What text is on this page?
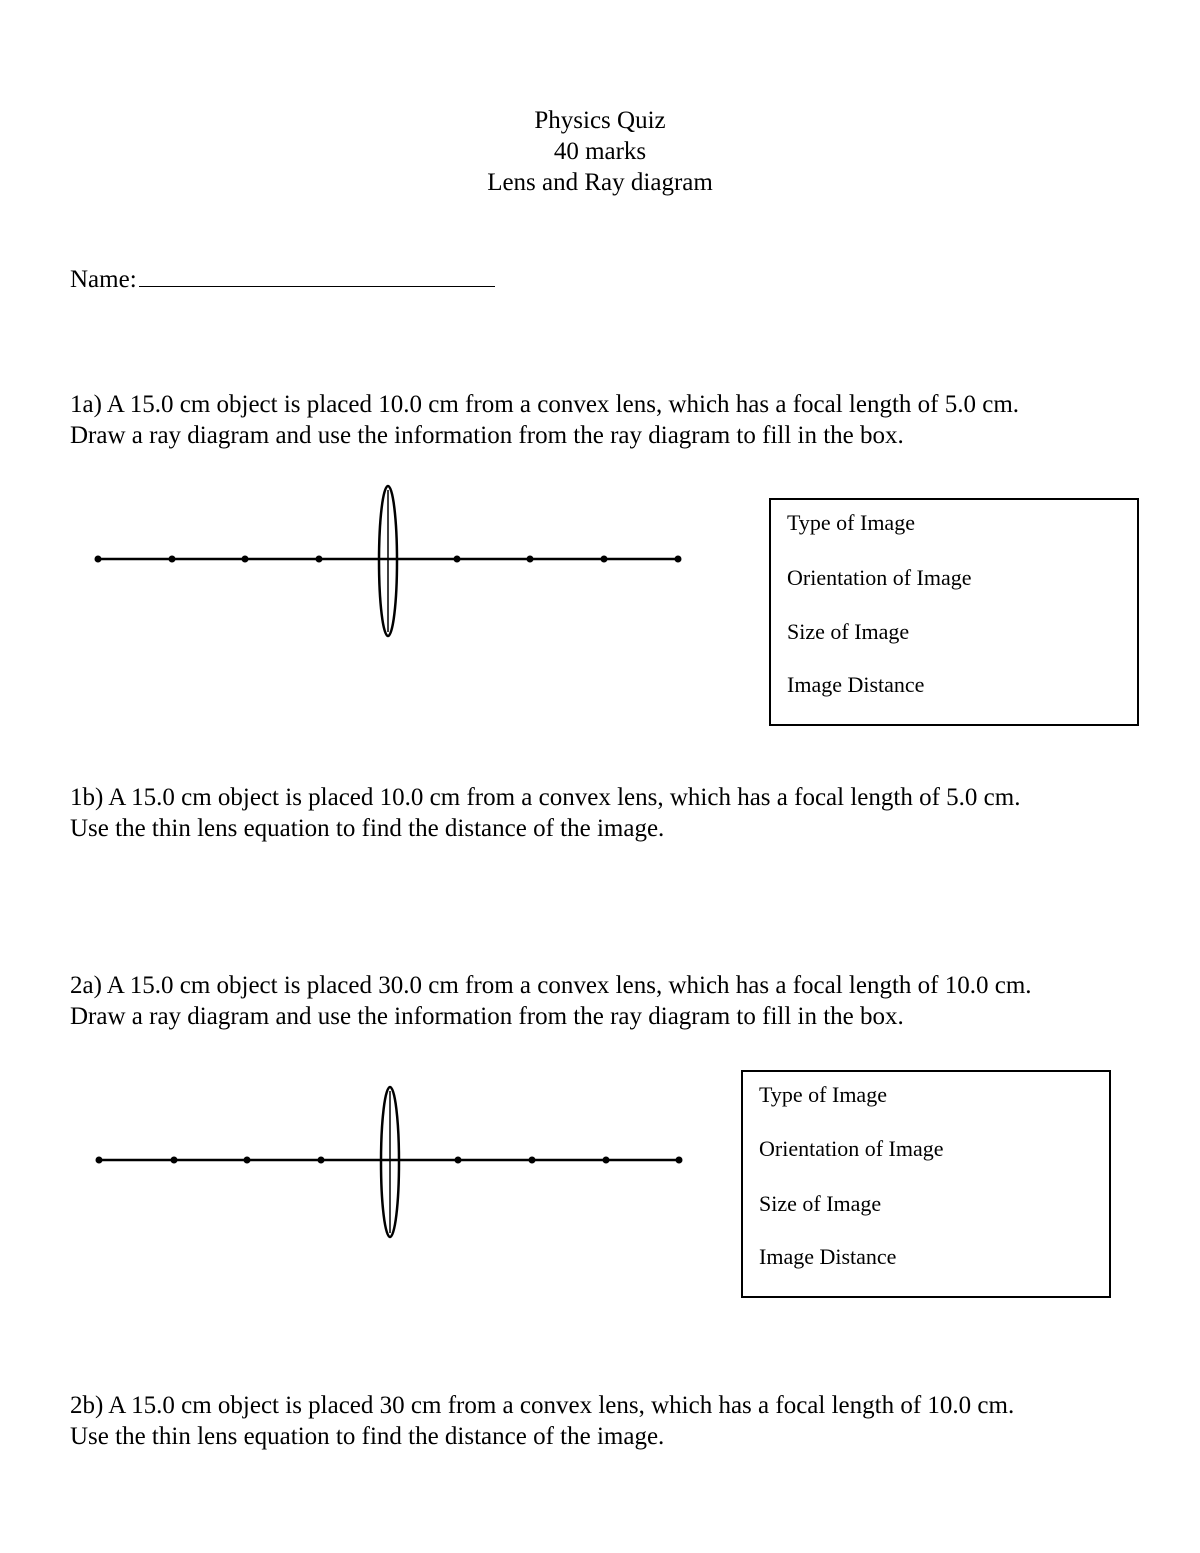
Physics Quiz
40 marks
Lens and Ray diagram
Name:
1a) A 15.0 cm object is placed 10.0 cm from a convex lens, which has a focal length of 5.0 cm.
Draw a ray diagram and use the information from the ray diagram to fill in the box.
Type of Image
Orientation of Image
Size of Image
Image Distance
1b) A 15.0 cm object is placed 10.0 cm from a convex lens, which has a focal length of 5.0 cm.
Use the thin lens equation to find the distance of the image.
2a) A 15.0 cm object is placed 30.0 cm from a convex lens, which has a focal length of 10.0 cm.
Draw a ray diagram and use the information from the ray diagram to fill in the box.
Type of Image
Orientation of Image
Size of Image
Image Distance
2b) A 15.0 cm object is placed 30 cm from a convex lens, which has a focal length of 10.0 cm.
Use the thin lens equation to find the distance of the image.
